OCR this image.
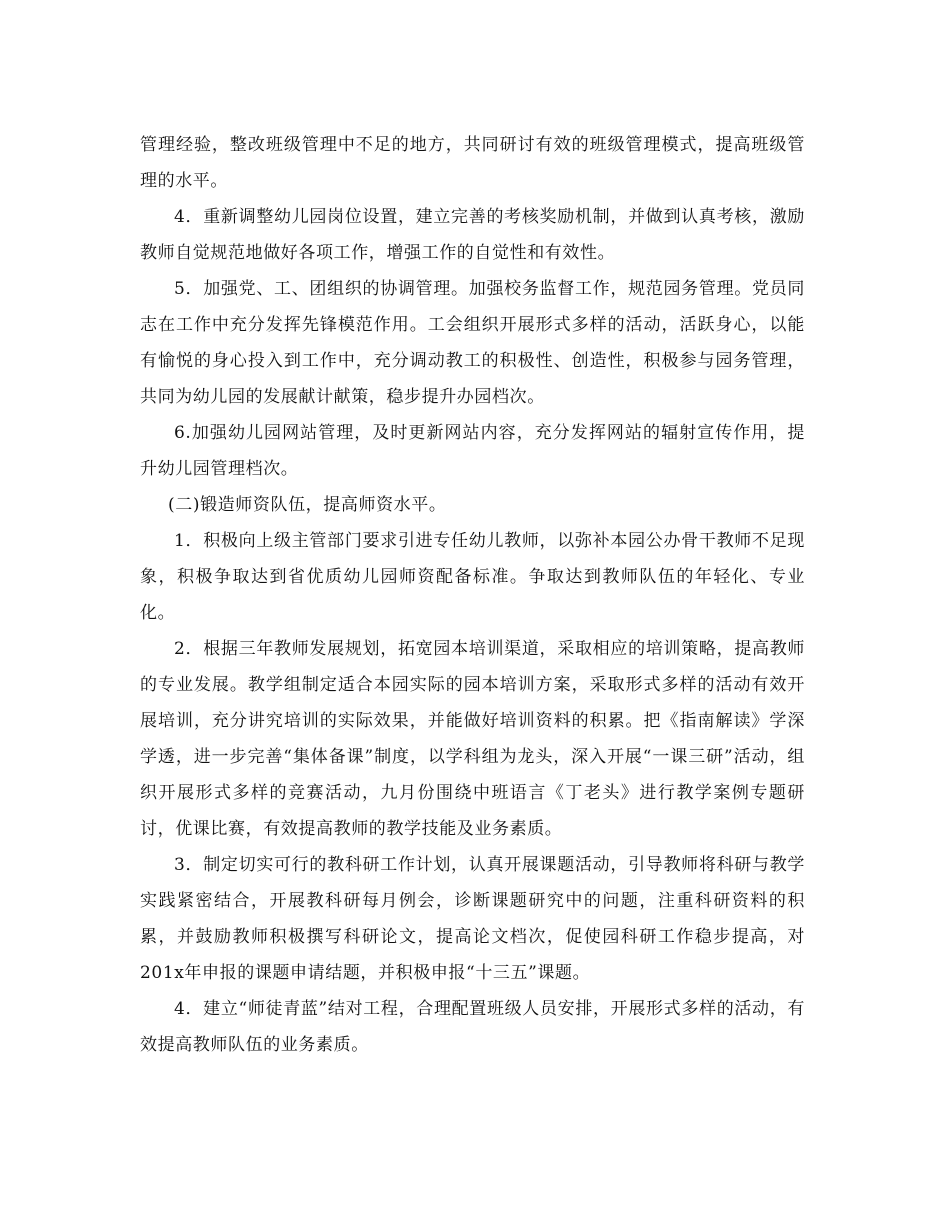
管理经验，整改班级管理中不足的地方，共同研讨有效的班级管理模式，提高班级管理的水平。

4．重新调整幼儿园岗位设置，建立完善的考核奖励机制，并做到认真考核，激励教师自觉规范地做好各项工作，增强工作的自觉性和有效性。

5．加强党、工、团组织的协调管理。加强校务监督工作，规范园务管理。党员同志在工作中充分发挥先锋模范作用。工会组织开展形式多样的活动，活跃身心，以能有愉悦的身心投入到工作中，充分调动教工的积极性、创造性，积极参与园务管理，共同为幼儿园的发展献计献策，稳步提升办园档次。

6.加强幼儿园网站管理，及时更新网站内容，充分发挥网站的辐射宣传作用，提升幼儿园管理档次。

(二)锻造师资队伍，提高师资水平。

1．积极向上级主管部门要求引进专任幼儿教师，以弥补本园公办骨干教师不足现象，积极争取达到省优质幼儿园师资配备标准。争取达到教师队伍的年轻化、专业化。

2．根据三年教师发展规划，拓宽园本培训渠道，采取相应的培训策略，提高教师的专业发展。教学组制定适合本园实际的园本培训方案，采取形式多样的活动有效开展培训，充分讲究培训的实际效果，并能做好培训资料的积累。把《指南解读》学深学透，进一步完善“集体备课”制度，以学科组为龙头，深入开展“一课三研”活动，组织开展形式多样的竞赛活动，九月份围绕中班语言《丁老头》进行教学案例专题研讨，优课比赛，有效提高教师的教学技能及业务素质。

3．制定切实可行的教科研工作计划，认真开展课题活动，引导教师将科研与教学实践紧密结合，开展教科研每月例会，诊断课题研究中的问题，注重科研资料的积累，并鼓励教师积极撰写科研论文，提高论文档次，促使园科研工作稳步提高，对201x年申报的课题申请结题，并积极申报“十三五”课题。

4．建立“师徒青蓝”结对工程，合理配置班级人员安排，开展形式多样的活动，有效提高教师队伍的业务素质。
